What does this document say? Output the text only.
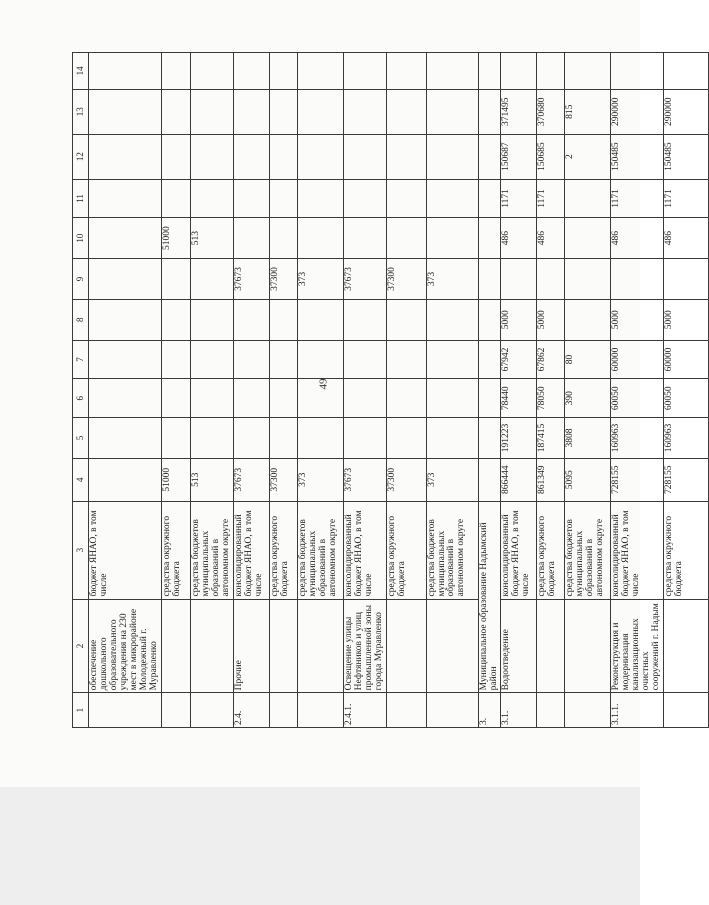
49
1	2	3	4	5	6	7	8	9	10	11	12	13	14
	обеспечение дошкольного образовательного учреждения на 230 мест в микрорайоне Молодежный г. Муравленко	бюджет ЯНАО, в том числе											
		средства окружного бюджета	51000						51000				
		средства бюджетов муниципальных образований в автономном округе	513						513				
2.4.	Прочие	консолидированный бюджет ЯНАО, в том числе	37673					37673					
		средства окружного бюджета	37300					37300					
		средства бюджетов муниципальных образований в автономном округе	373					373					
2.4.1.	Освещение улицы Нефтяников и улиц промышленной зоны города Муравленко	консолидированный бюджет ЯНАО, в том числе	37673					37673					
		средства окружного бюджета	37300					37300					
		средства бюджетов муниципальных образований в автономном округе	373					373					
3.	Муниципальное образование Надымский район												
3.1.	Водоотведение	консолидированный бюджет ЯНАО, в том числе	866444	191223	78440	67942	5000		486	1171	150687	371495	
		средства окружного бюджета	861349	187415	78050	67862	5000		486	1171	150685	370680	
		средства бюджетов муниципальных образований в автономном округе	5095	3808	390	80					2	815	
3.1.1.	Реконструкция и модернизация канализационных очистных сооружений г. Надым	консолидированный бюджет ЯНАО, в том числе	728155	160963	60050	60000	5000		486	1171	150485	290000	
		средства окружного бюджета	728155	160963	60050	60000	5000		486	1171	150485	290000	
